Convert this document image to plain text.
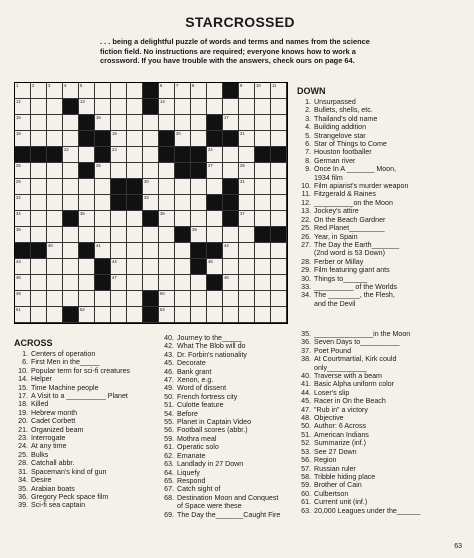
STARCROSSED
. . . being a delightful puzzle of words and terms and names from the science fiction field. No instructions are required; everyone knows how to work a crossword. If you have trouble with the answers, check ours on page 64.
1	2	3	4	5	6	7	8	9	10	11
12	13	14
15	16	17
18	19	20	21
22	23	24
25	26	27	28
29	30	31
32	33
34	35	36	37
38	39
40	41	42
43	44	45
46	47	48
49	50
51	52	53
ACROSS
1. Centers of operation
6. First Men in the_____
10. Popular term for sci-fi creatures
14. Helper
15. Time Machine people
17. A Visit to a __________ Planet
18. Killed
19. Hebrew month
20. Cadet Corbett
21. Organized beam
23. Interrogate
24. At any time
25. Bulks
28. Catchall abbr.
31. Spaceman's kind of gun
34. Desire
35. Arabian boats
36. Gregory Peck space film
39. Sci-fi sea captain
40. Journey to the_____
42. What The Blob will do
43. Dr. Forbin's nationality
45. Decorate
46. Bank grant
47. Xenon, e.g.
49. Word of dissent
50. French fortress city
51. Culotte feature
54. Before
55. Planet in Captain Video
56. Football scores (abbr.)
59. Mothra meal
61. Operatic solo
62. Emanate
63. Landlady in 27 Down
64. Liquefy
65. Respond
67. Catch sight of
68. Destination Moon and Conquest
of Space were these
69. The Day the_______Caught Fire
DOWN
1. Unsurpassed
2. Bullets, shells, etc.
3. Thailand's old name
4. Building addition
5. Strangelove star
6. Star of Things to Come
7. Houston footballer
8. German river
9. Once In A _______ Moon,
1934 film
10. Film apiarist's murder weapon
11. Fitzgerald & Raines
12. __________on the Moon
13. Jockey's attire
22. On the Beach Gardner
25. Red Planet_________
26. Year, in Spain
27. The Day the Earth_______
(2nd word is 53 Down)
28. Ferber or Millay
29. Film featuring giant ants
30. Things to______
33. __________ of the Worlds
34. The ________, the Flesh,
and the Devil
35. _______________in the Moon
36. Seven Days to__________
37. Poet Pound
38. At Courtmartial, Kirk could
only__________
40. Traverse with a beam
41. Basic Alpha uniform color
44. Loser's slip
45. Racer in On the Beach
47. "Rub in" a victory
48. Objective
50. Author: 6 Across
51. American Indians
52. Summarize (inf.)
53. See 27 Down
56. Region
57. Russian ruler
58. Tribble hiding place
59. Brother of Cain
60. Culbertson
61. Current unit (inf.)
63. 20,000 Leagues under the______
63
